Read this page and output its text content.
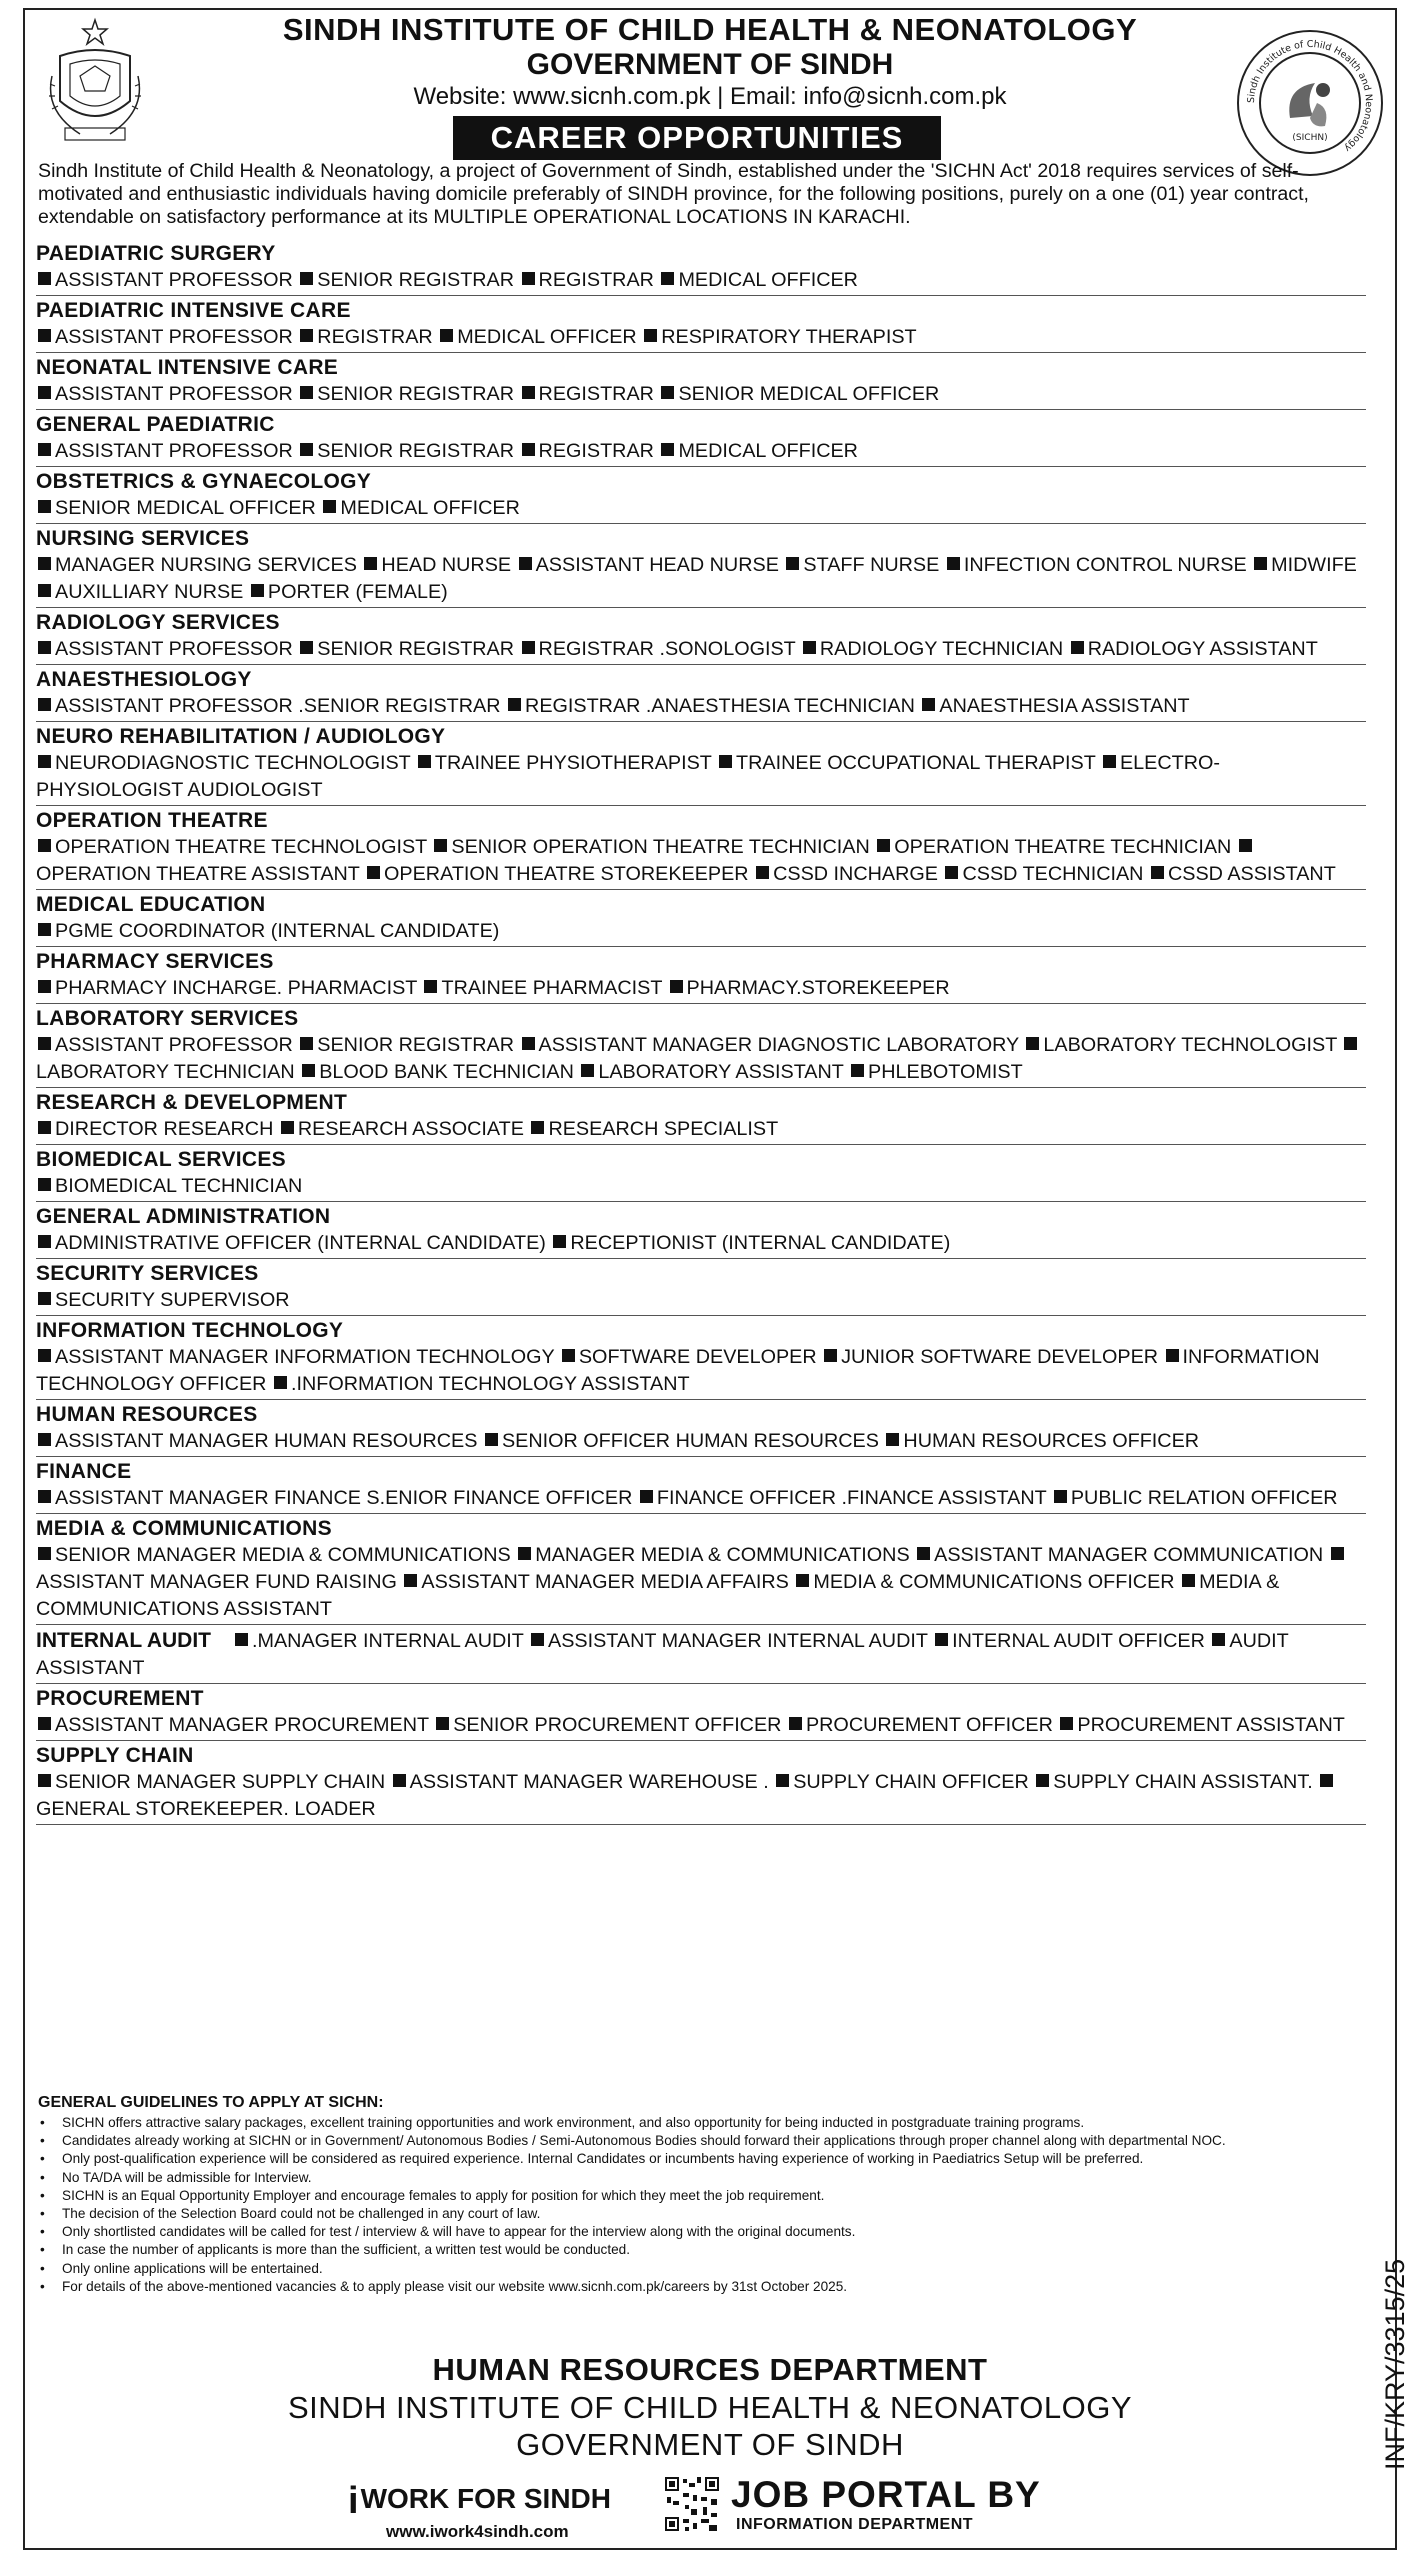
SINDH INSTITUTE OF CHILD HEALTH & NEONATOLOGY
GOVERNMENT OF SINDH
Website: www.sicnh.com.pk | Email: info@sicnh.com.pk	Sindh Institute of Child Health and Neonatology
(SICHN)
CAREER OPPORTUNITIES
Sindh Institute of Child Health & Neonatology, a project of Government of Sindh, established under the 'SICHN Act' 2018 requires services of self-motivated and enthusiastic individuals having domicile preferably of SINDH province, for the following positions, purely on a one (01) year contract, extendable on satisfactory performance at its MULTIPLE OPERATIONAL LOCATIONS IN KARACHI.
PAEDIATRIC SURGERY
ASSISTANT PROFESSOR SENIOR REGISTRAR REGISTRAR MEDICAL OFFICER
PAEDIATRIC INTENSIVE CARE
ASSISTANT PROFESSOR REGISTRAR MEDICAL OFFICER RESPIRATORY THERAPIST
NEONATAL INTENSIVE CARE
ASSISTANT PROFESSOR SENIOR REGISTRAR REGISTRAR SENIOR MEDICAL OFFICER
GENERAL PAEDIATRIC
ASSISTANT PROFESSOR SENIOR REGISTRAR REGISTRAR MEDICAL OFFICER
OBSTETRICS & GYNAECOLOGY
SENIOR MEDICAL OFFICER MEDICAL OFFICER
NURSING SERVICES
MANAGER NURSING SERVICES HEAD NURSE ASSISTANT HEAD NURSE STAFF NURSE INFECTION CONTROL NURSE MIDWIFE AUXILLIARY NURSE PORTER (FEMALE)
RADIOLOGY SERVICES
ASSISTANT PROFESSOR SENIOR REGISTRAR REGISTRAR .SONOLOGIST RADIOLOGY TECHNICIAN RADIOLOGY ASSISTANT
ANAESTHESIOLOGY
ASSISTANT PROFESSOR .SENIOR REGISTRAR REGISTRAR .ANAESTHESIA TECHNICIAN ANAESTHESIA ASSISTANT
NEURO REHABILITATION / AUDIOLOGY
NEURODIAGNOSTIC TECHNOLOGIST TRAINEE PHYSIOTHERAPIST TRAINEE OCCUPATIONAL THERAPIST ELECTRO-PHYSIOLOGIST AUDIOLOGIST
OPERATION THEATRE
OPERATION THEATRE TECHNOLOGIST SENIOR OPERATION THEATRE TECHNICIAN OPERATION THEATRE TECHNICIAN OPERATION THEATRE ASSISTANT OPERATION THEATRE STOREKEEPER CSSD INCHARGE CSSD TECHNICIAN CSSD ASSISTANT
MEDICAL EDUCATION
PGME COORDINATOR (INTERNAL CANDIDATE)
PHARMACY SERVICES
PHARMACY INCHARGE. PHARMACIST TRAINEE PHARMACIST PHARMACY.STOREKEEPER
LABORATORY SERVICES
ASSISTANT PROFESSOR SENIOR REGISTRAR ASSISTANT MANAGER DIAGNOSTIC LABORATORY LABORATORY TECHNOLOGIST LABORATORY TECHNICIAN BLOOD BANK TECHNICIAN LABORATORY ASSISTANT PHLEBOTOMIST
RESEARCH & DEVELOPMENT
DIRECTOR RESEARCH RESEARCH ASSOCIATE RESEARCH SPECIALIST
BIOMEDICAL SERVICES
BIOMEDICAL TECHNICIAN
GENERAL ADMINISTRATION
ADMINISTRATIVE OFFICER (INTERNAL CANDIDATE) RECEPTIONIST (INTERNAL CANDIDATE)
SECURITY SERVICES
SECURITY SUPERVISOR
INFORMATION TECHNOLOGY
ASSISTANT MANAGER INFORMATION TECHNOLOGY SOFTWARE DEVELOPER JUNIOR SOFTWARE DEVELOPER INFORMATION TECHNOLOGY OFFICER .INFORMATION TECHNOLOGY ASSISTANT
HUMAN RESOURCES
ASSISTANT MANAGER HUMAN RESOURCES SENIOR OFFICER HUMAN RESOURCES HUMAN RESOURCES OFFICER
FINANCE
ASSISTANT MANAGER FINANCE S.ENIOR FINANCE OFFICER FINANCE OFFICER .FINANCE ASSISTANT PUBLIC RELATION OFFICER
MEDIA & COMMUNICATIONS
SENIOR MANAGER MEDIA & COMMUNICATIONS MANAGER MEDIA & COMMUNICATIONS ASSISTANT MANAGER COMMUNICATION ASSISTANT MANAGER FUND RAISING ASSISTANT MANAGER MEDIA AFFAIRS MEDIA & COMMUNICATIONS OFFICER MEDIA & COMMUNICATIONS ASSISTANT
INTERNAL AUDIT .MANAGER INTERNAL AUDIT ASSISTANT MANAGER INTERNAL AUDIT INTERNAL AUDIT OFFICER AUDIT ASSISTANT
PROCUREMENT
ASSISTANT MANAGER PROCUREMENT SENIOR PROCUREMENT OFFICER PROCUREMENT OFFICER PROCUREMENT ASSISTANT
SUPPLY CHAIN
SENIOR MANAGER SUPPLY CHAIN ASSISTANT MANAGER WAREHOUSE . SUPPLY CHAIN OFFICER SUPPLY CHAIN ASSISTANT. GENERAL STOREKEEPER. LOADER
GENERAL GUIDELINES TO APPLY AT SICHN:
• SICHN offers attractive salary packages, excellent training opportunities and work environment, and also opportunity for being inducted in postgraduate training programs.
• Candidates already working at SICHN or in Government/ Autonomous Bodies / Semi-Autonomous Bodies should forward their applications through proper channel along with departmental NOC.
• Only post-qualification experience will be considered as required experience. Internal Candidates or incumbents having experience of working in Paediatrics Setup will be preferred.
• No TA/DA will be admissible for Interview.
• SICHN is an Equal Opportunity Employer and encourage females to apply for position for which they meet the job requirement.
• The decision of the Selection Board could not be challenged in any court of law.
• Only shortlisted candidates will be called for test / interview & will have to appear for the interview along with the original documents.
• In case the number of applicants is more than the sufficient, a written test would be conducted.
• Only online applications will be entertained.
• For details of the above-mentioned vacancies & to apply please visit our website www.sicnh.com.pk/careers by 31st October 2025.
HUMAN RESOURCES DEPARTMENT
SINDH INSTITUTE OF CHILD HEALTH & NEONATOLOGY
GOVERNMENT OF SINDH
iWORK FOR SINDH
www.iwork4sindh.com
JOB PORTAL BY
INFORMATION DEPARTMENT
INF/KRY/3315/25
